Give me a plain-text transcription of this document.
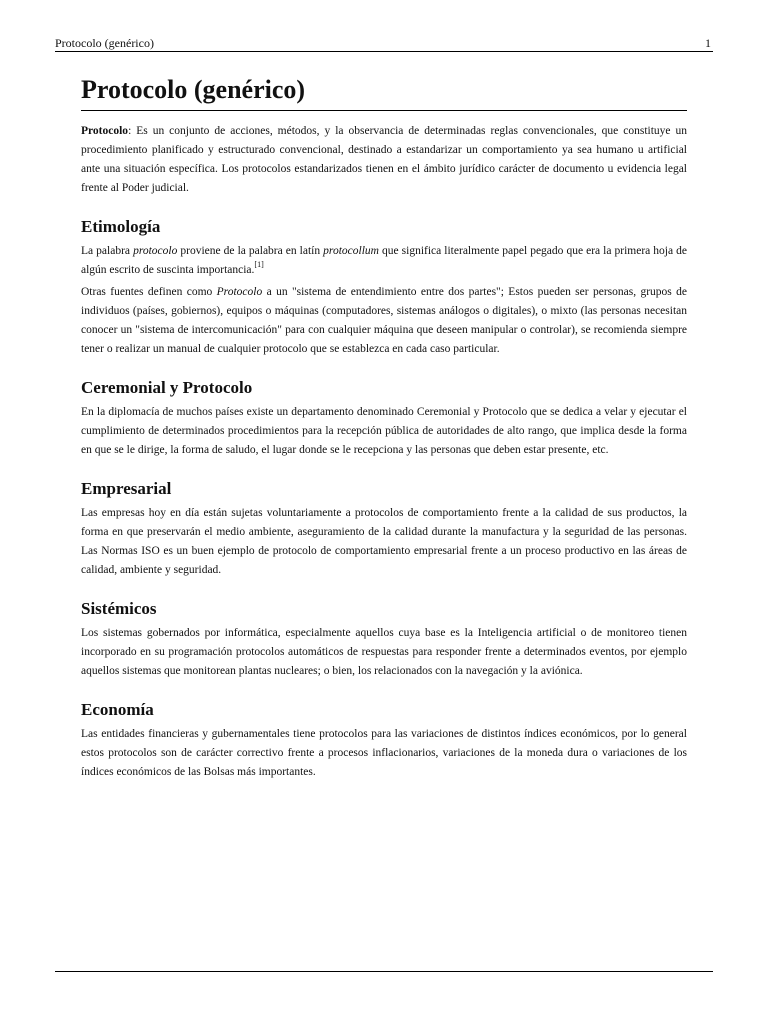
Protocolo (genérico)	1
Protocolo (genérico)

Protocolo: Es un conjunto de acciones, métodos, y la observancia de determinadas reglas convencionales, que constituye un procedimiento planificado y estructurado convencional, destinado a estandarizar un comportamiento ya sea humano u artificial ante una situación específica. Los protocolos estandarizados tienen en el ámbito jurídico carácter de documento u evidencia legal frente al Poder judicial.

Etimología

La palabra protocolo proviene de la palabra en latín protocollum que significa literalmente papel pegado que era la primera hoja de algún escrito de suscinta importancia.[1]

Otras fuentes definen como Protocolo a un "sistema de entendimiento entre dos partes"; Estos pueden ser personas, grupos de individuos (países, gobiernos), equipos o máquinas (computadores, sistemas análogos o digitales), o mixto (las personas necesitan conocer un "sistema de intercomunicación" para con cualquier máquina que deseen manipular o controlar), se recomienda siempre tener o realizar un manual de cualquier protocolo que se establezca en cada caso particular.

Ceremonial y Protocolo

En la diplomacía de muchos países existe un departamento denominado Ceremonial y Protocolo que se dedica a velar y ejecutar el cumplimiento de determinados procedimientos para la recepción pública de autoridades de alto rango, que implica desde la forma en que se le dirige, la forma de saludo, el lugar donde se le recepciona y las personas que deben estar presente, etc.

Empresarial

Las empresas hoy en día están sujetas voluntariamente a protocolos de comportamiento frente a la calidad de sus productos, la forma en que preservarán el medio ambiente, aseguramiento de la calidad durante la manufactura y la seguridad de las personas. Las Normas ISO es un buen ejemplo de protocolo de comportamiento empresarial frente a un proceso productivo en las áreas de calidad, ambiente y seguridad.

Sistémicos

Los sistemas gobernados por informática, especialmente aquellos cuya base es la Inteligencia artificial o de monitoreo tienen incorporado en su programación protocolos automáticos de respuestas para responder frente a determinados eventos, por ejemplo aquellos sistemas que monitorean plantas nucleares; o bien, los relacionados con la navegación y la aviónica.

Economía

Las entidades financieras y gubernamentales tiene protocolos para las variaciones de distintos índices económicos, por lo general estos protocolos son de carácter correctivo frente a procesos inflacionarios, variaciones de la moneda dura o variaciones de los índices económicos de las Bolsas más importantes.
